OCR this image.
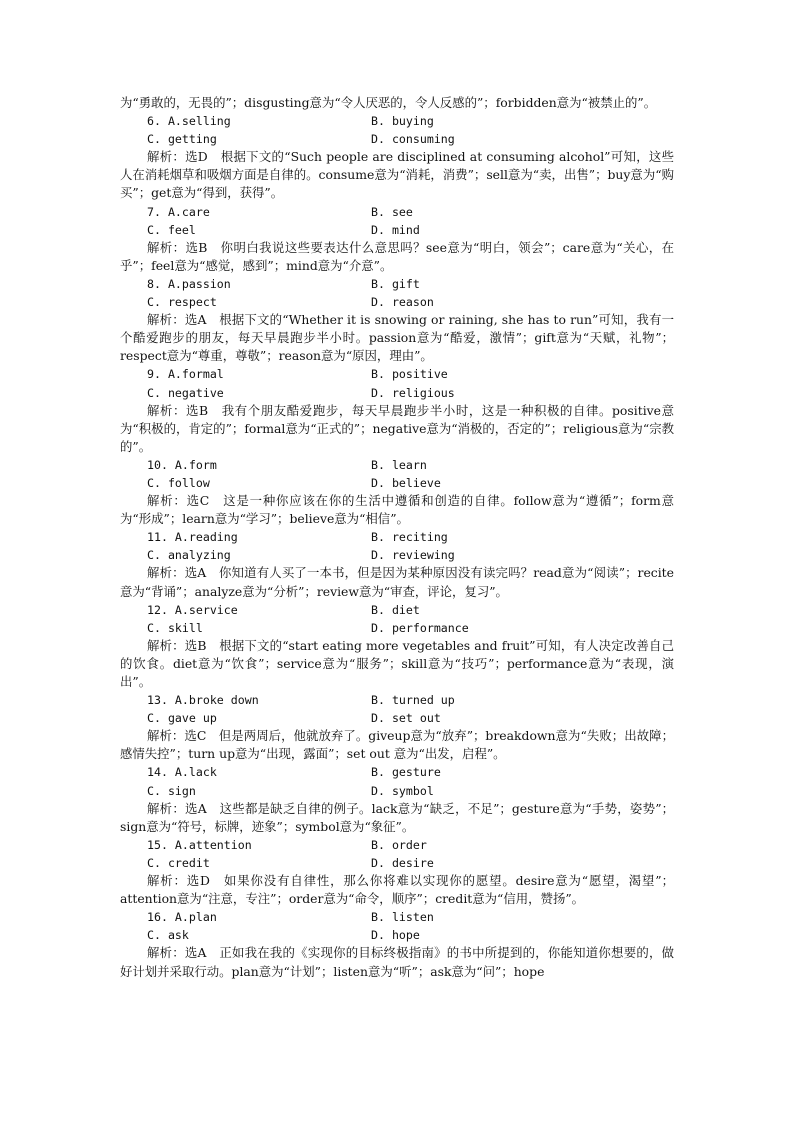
为“勇敢的，无畏的”；disgusting意为“令人厌恶的，令人反感的”；forbidden意为“被禁止的”。

6. A.selling	B. buying
C. getting	D. consuming

解析：选D　根据下文的“Such people are disciplined at consuming alcohol”可知，这些人在消耗烟草和吸烟方面是自律的。consume意为“消耗，消费”；sell意为“卖，出售”；buy意为“购买”；get意为“得到，获得”。

7. A.care	B. see
C. feel	D. mind

解析：选B　你明白我说这些要表达什么意思吗？see意为“明白，领会”；care意为“关心，在乎”；feel意为“感觉，感到”；mind意为“介意”。

8. A.passion	B. gift
C. respect	D. reason

解析：选A　根据下文的“Whether it is snowing or raining, she has to run”可知，我有一个酷爱跑步的朋友，每天早晨跑步半小时。passion意为“酷爱，激情”；gift意为“天赋，礼物”；respect意为“尊重，尊敬”；reason意为“原因，理由”。

9. A.formal	B. positive
C. negative	D. religious

解析：选B　我有个朋友酷爱跑步，每天早晨跑步半小时，这是一种积极的自律。positive意为“积极的，肯定的”；formal意为“正式的”；negative意为“消极的，否定的”；religious意为“宗教的”。

10. A.form	B. learn
C. follow	D. believe

解析：选C　这是一种你应该在你的生活中遵循和创造的自律。follow意为“遵循”；form意为“形成”；learn意为“学习”；believe意为“相信”。

11. A.reading	B. reciting
C. analyzing	D. reviewing

解析：选A　你知道有人买了一本书，但是因为某种原因没有读完吗？read意为“阅读”；recite意为“背诵”；analyze意为“分析”；review意为“审查，评论，复习”。

12. A.service	B. diet
C. skill	D. performance

解析：选B　根据下文的“start eating more vegetables and fruit”可知，有人决定改善自己的饮食。diet意为“饮食”；service意为“服务”；skill意为“技巧”；performance意为“表现，演出”。

13. A.broke down	B. turned up
C. gave up	D. set out

解析：选C　但是两周后，他就放弃了。giveup意为“放弃”；breakdown意为“失败；出故障；感情失控”；turn up意为“出现，露面”；set out 意为“出发，启程”。

14. A.lack	B. gesture
C. sign	D. symbol

解析：选A　这些都是缺乏自律的例子。lack意为“缺乏，不足”；gesture意为“手势，姿势”；sign意为“符号，标牌，迹象”；symbol意为“象征”。

15. A.attention	B. order
C. credit	D. desire

解析：选D　如果你没有自律性，那么你将难以实现你的愿望。desire意为“愿望，渴望”；attention意为“注意，专注”；order意为“命令，顺序”；credit意为“信用，赞扬”。

16. A.plan	B. listen
C. ask	D. hope

解析：选A　正如我在我的《实现你的目标终极指南》的书中所提到的，你能知道你想要的，做好计划并采取行动。plan意为“计划”；listen意为“听”；ask意为“问”；hope
